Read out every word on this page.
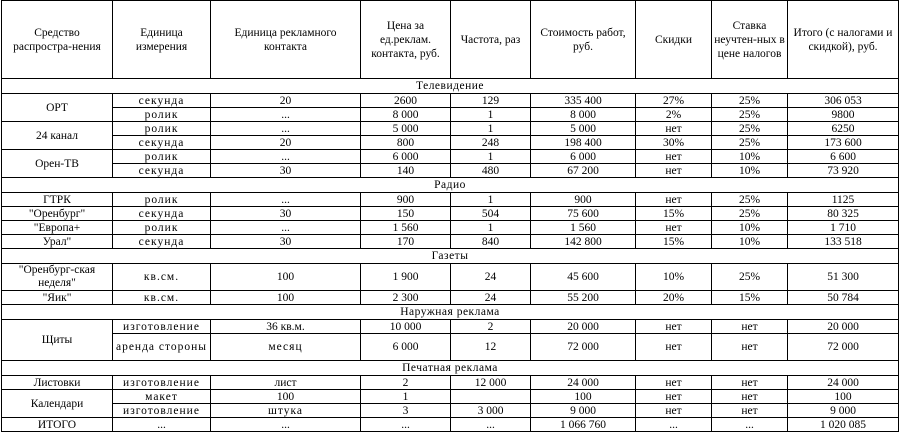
Средство распростра-нения	Единица измерения	Единица рекламного контакта	Цена за ед.реклам. контакта, руб.	Частота, раз	Стоимость работ, руб.	Скидки	Ставка неучтен-ных в цене налогов	Итого (с налогами и скидкой), руб.
Телевидение								
ОРТ	секунда	20	2600	129	335 400	27%	25%	306 053
	ролик	...	8 000	1	8 000	2%	25%	9800
24 канал	ролик	...	5 000	1	5 000	нет	25%	6250
	секунда	20	800	248	198 400	30%	25%	173 600
Орен-ТВ	ролик	...	6 000	1	6 000	нет	10%	6 600
	секунда	30	140	480	67 200	нет	10%	73 920
Радио								
ГТРК	ролик	...	900	1	900	нет	25%	1125
"Оренбург"	секунда	30	150	504	75 600	15%	25%	80 325
"Европа+	ролик	...	1 560	1	1 560	нет	10%	1 710
Урал"	секунда	30	170	840	142 800	15%	10%	133 518
Газеты								
"Оренбург-ская неделя"	кв.см.	100	1 900	24	45 600	10%	25%	51 300
"Яик"	кв.см.	100	2 300	24	55 200	20%	15%	50 784
Наружная реклама								
Щиты	изготовление	36 кв.м.	10 000	2	20 000	нет	нет	20 000
	аренда стороны	месяц	6 000	12	72 000	нет	нет	72 000
Печатная реклама								
Листовки	изготовление	лист	2	12 000	24 000	нет	нет	24 000
Календари	макет	100	1		100	нет	нет	100
	изготовление	штука	3	3 000	9 000	нет	нет	9 000
ИТОГО	...	...	...	...	1 066 760	...	...	1 020 085
